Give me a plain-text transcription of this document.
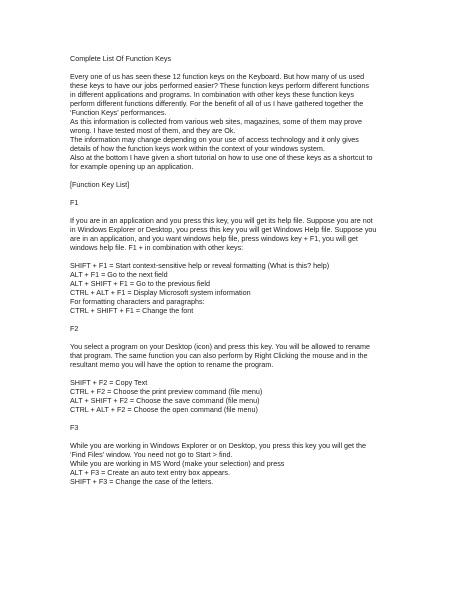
Complete List Of Function Keys
Every one of us has seen these 12 function keys on the Keyboard. But how many of us used
these keys to have our jobs performed easier? These function keys perform different functions
in different applications and programs. In combination with other keys these function keys
perform different functions differently. For the benefit of all of us I have gathered together the
‘Function Keys’ performances.
As this information is collected from various web sites, magazines, some of them may prove
wrong. I have tested most of them, and they are Ok.
The information may change depending on your use of access technology and it only gives
details of how the function keys work within the context of your windows system.
Also at the bottom I have given a short tutorial on how to use one of these keys as a shortcut to
for example opening up an application.
[Function Key List]
F1
If you are in an application and you press this key, you will get its help file. Suppose you are not
in Windows Explorer or Desktop, you press this key you will get Windows Help file. Suppose you
are in an application, and you want windows help file, press windows key + F1, you will get
windows help file. F1 + in combination with other keys:
SHIFT + F1 = Start context-sensitive help or reveal formatting (What is this? help)
ALT + F1 = Go to the next field
ALT + SHIFT + F1 = Go to the previous field
CTRL + ALT + F1 = Display Microsoft system information
For formatting characters and paragraphs:
CTRL + SHIFT + F1 = Change the font
F2
You select a program on your Desktop (icon) and press this key. You will be allowed to rename
that program. The same function you can also perform by Right Clicking the mouse and in the
resultant memo you will have the option to rename the program.
SHIFT + F2 = Copy Text
CTRL + F2 = Choose the print preview command (file menu)
ALT + SHIFT + F2 = Choose the save command (file menu)
CTRL + ALT + F2 = Choose the open command (file menu)
F3
While you are working in Windows Explorer or on Desktop, you press this key you will get the
‘Find Files’ window. You need not go to Start > find.
While you are working in MS Word (make your selection) and press
ALT + F3 = Create an auto text entry box appears.
SHIFT + F3 = Change the case of the letters.
